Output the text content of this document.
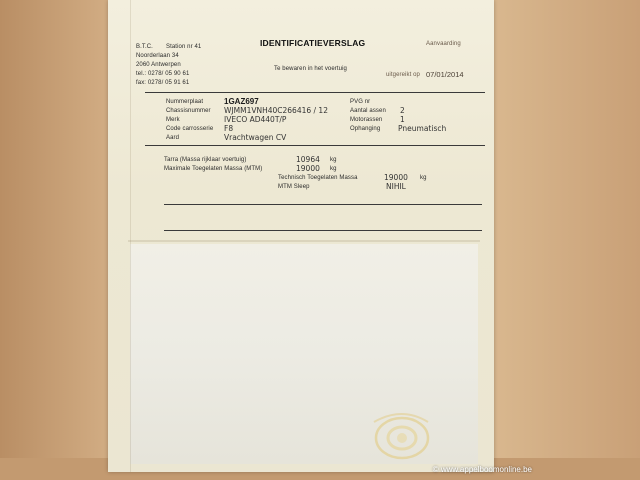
B.T.C. Station nr 41
Noorderlaan 34
2060 Antwerpen
tel.: 0278/ 05 90 61
fax: 0278/ 05 91 61
IDENTIFICATIEVERSLAG	Aanvaarding
Te bewaren in het voertuig
uitgereikt op 07/01/2014
Nummerplaat	1GAZ697
Chassisnummer WJMM1VNH40C266416 / 12
Merk	IVECO AD440T/P
Code carrosserie F8
Aard	Vrachtwagen CV
PVG nr
Aantal assen 2
Motorassen 1
Ophanging Pneumatisch
Tarra (Massa rijklaar voertuig)	10964 kg
Maximale Toegelaten Massa (MTM)	19000 kg
Technisch Toegelaten Massa	19000 kg
MTM Sleep	NIHIL
© www.appelboomonline.be
